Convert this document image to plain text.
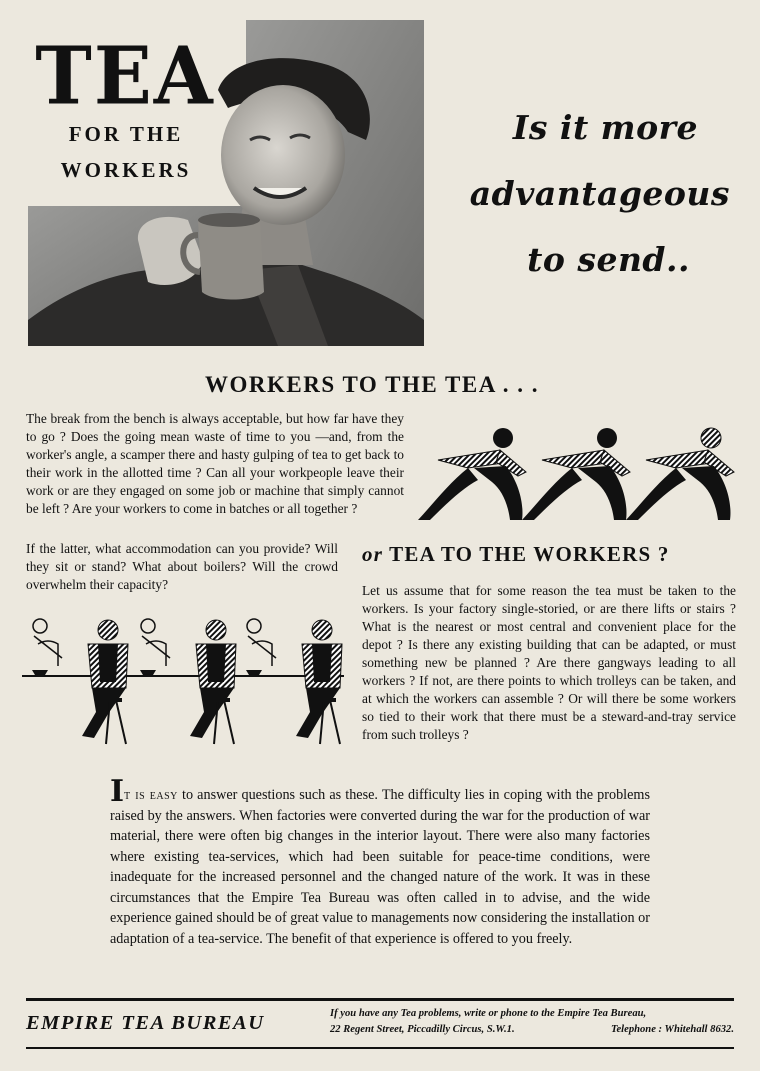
TEA
FOR THE
WORKERS
Is it more
advantageous
to send..
WORKERS TO THE TEA . . .

The break from the bench is always acceptable, but how far have they to go ? Does the going mean waste of time to you —and, from the worker's angle, a scamper there and hasty gulping of tea to get back to their work in the allotted time ? Can all your workpeople leave their work or are they engaged on some job or machine that simply cannot be left ? Are your workers to come in batches or all together ?

If the latter, what accommodation can you provide? Will they sit or stand? What about boilers? Will the crowd overwhelm their capacity?

or TEA TO THE WORKERS ?

Let us assume that for some reason the tea must be taken to the workers. Is your factory single-storied, or are there lifts or stairs ? What is the nearest or most central and convenient place for the depot ? Is there any existing building that can be adapted, or must something new be planned ? Are there gangways leading to all workers ? If not, are there points to which trolleys can be taken, and at which the workers can assemble ? Or will there be some workers so tied to their work that there must be a steward-and-tray service from such trolleys ?

It is easy to answer questions such as these. The difficulty lies in coping with the problems raised by the answers. When factories were converted during the war for the production of war material, there were often big changes in the interior layout. There were also many factories where existing tea-services, which had been suitable for peace-time conditions, were inadequate for the increased personnel and the changed nature of the work. It was in these circumstances that the Empire Tea Bureau was often called in to advise, and the wide experience gained should be of great value to managements now considering the installation or adaptation of a tea-service. The benefit of that experience is offered to you freely.

EMPIRE TEA BUREAU	If you have any Tea problems, write or phone to the Empire Tea Bureau,
22 Regent Street, Piccadilly Circus, S.W.1.	Telephone : Whitehall 8632.
